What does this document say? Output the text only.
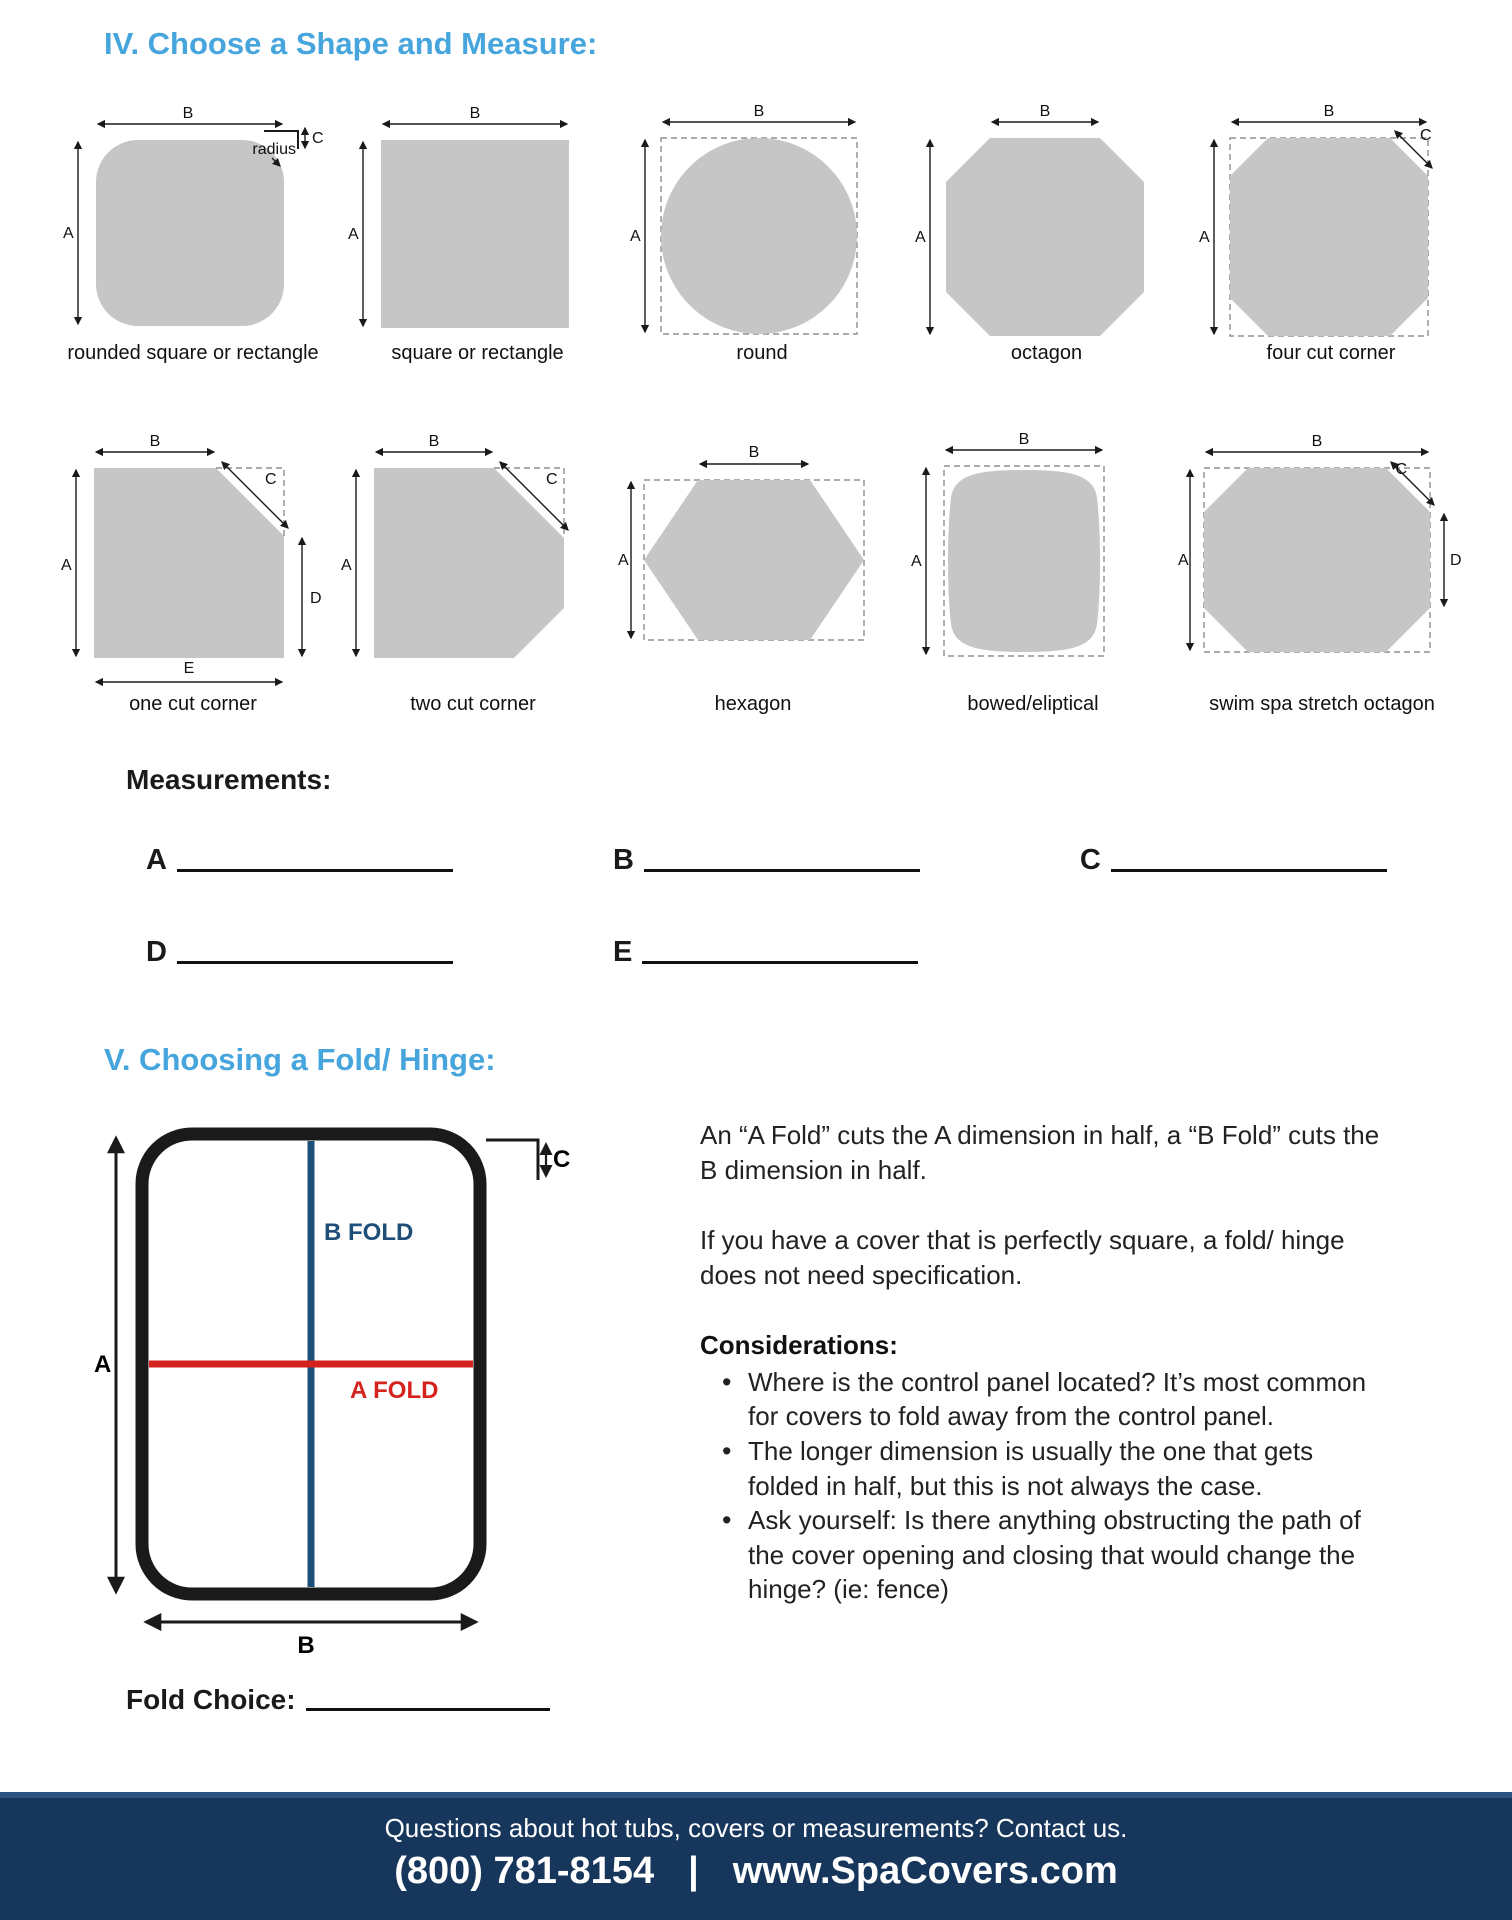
IV. Choose a Shape and Measure:
B
A
radius
C
rounded square or rectangle
B
A
square or rectangle
B
A
round
B
A
octagon
B
A
C
four cut corner
B
C
A
D
E
one cut corner
B
C
A
two cut corner
B
A
hexagon
B
A
bowed/eliptical
B
A
C
D
swim spa stretch octagon
Measurements:
A	B	C
D	E
V. Choosing a Fold/ Hinge:
A
C
B FOLD
A FOLD
B
Fold Choice:

An “A Fold” cuts the A dimension in half, a “B Fold” cuts the B dimension in half.

If you have a cover that is perfectly square, a fold/ hinge does not need specification.

Considerations:
• Where is the control panel located? It’s most common for covers to fold away from the control panel.
• The longer dimension is usually the one that gets folded in half, but this is not always the case.
• Ask yourself: Is there anything obstructing the path of the cover opening and closing that would change the hinge? (ie: fence)
Questions about hot tubs, covers or measurements? Contact us.
(800) 781-8154 | www.SpaCovers.com
